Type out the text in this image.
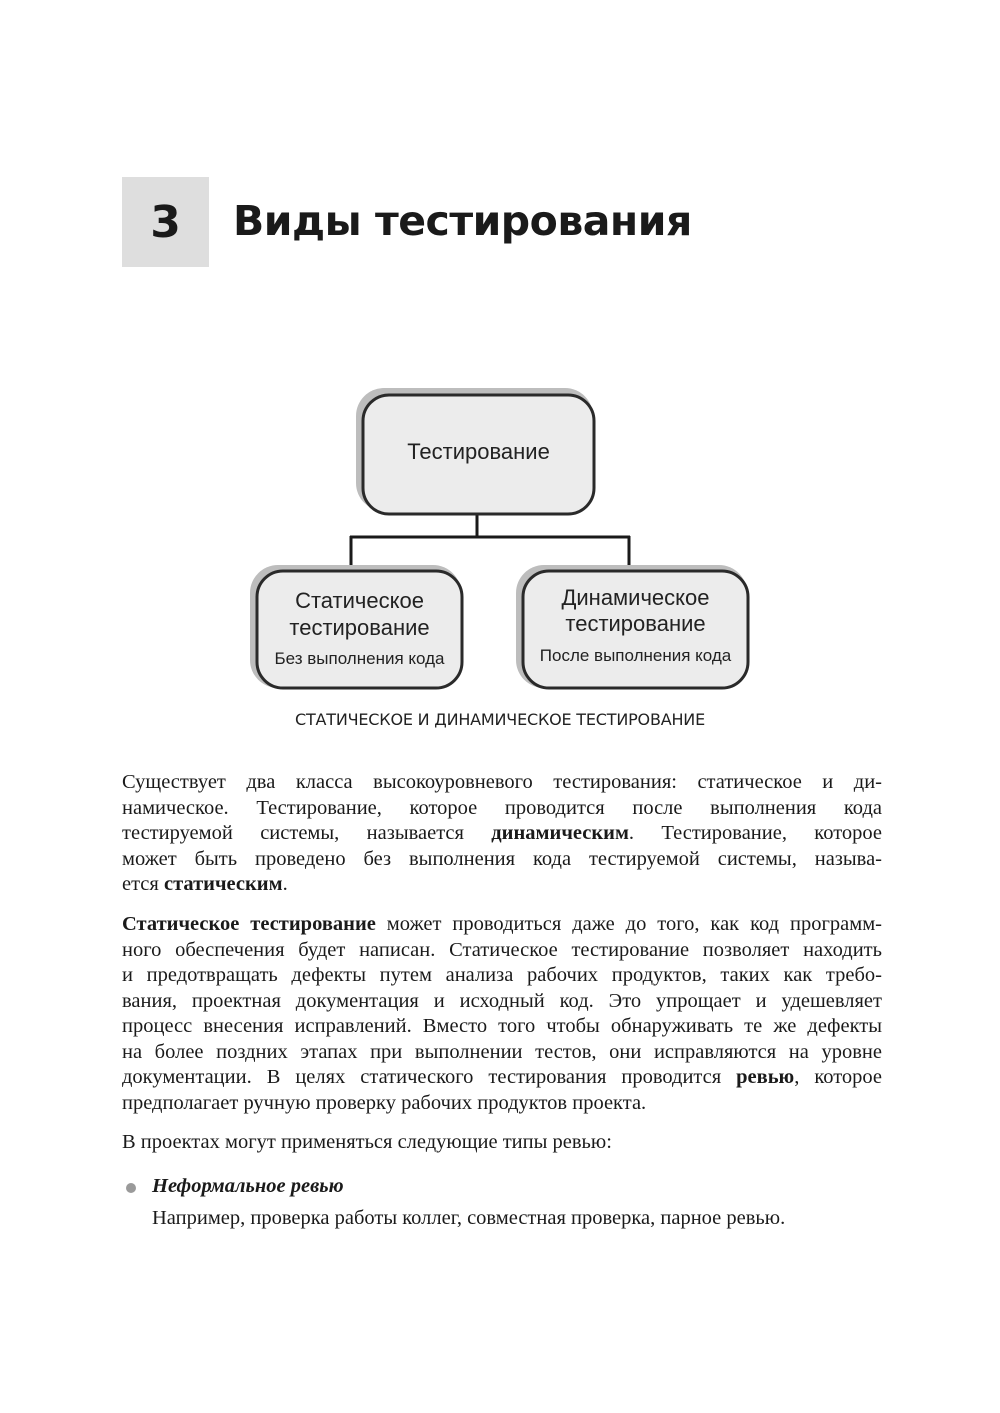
3 Виды тестирования
Тестирование
Статическое
тестирование
Без выполнения кода
Динамическое
тестирование
После выполнения кода
СТАТИЧЕСКОЕ И ДИНАМИЧЕСКОЕ ТЕСТИРОВАНИЕ

Существует два класса высокоуровневого тестирования: статическое и ди-
намическое. Тестирование, которое проводится после выполнения кода
тестируемой системы, называется динамическим. Тестирование, которое
может быть проведено без выполнения кода тестируемой системы, называ-
ется статическим.

Статическое тестирование может проводиться даже до того, как код программ-
ного обеспечения будет написан. Статическое тестирование позволяет находить
и предотвращать дефекты путем анализа рабочих продуктов, таких как требо-
вания, проектная документация и исходный код. Это упрощает и удешевляет
процесс внесения исправлений. Вместо того чтобы обнаруживать те же дефекты
на более поздних этапах при выполнении тестов, они исправляются на уровне
документации. В целях статического тестирования проводится ревью, которое
предполагает ручную проверку рабочих продуктов проекта.

В проектах могут применяться следующие типы ревью:

Неформальное ревью
Например, проверка работы коллег, совместная проверка, парное ревью.
